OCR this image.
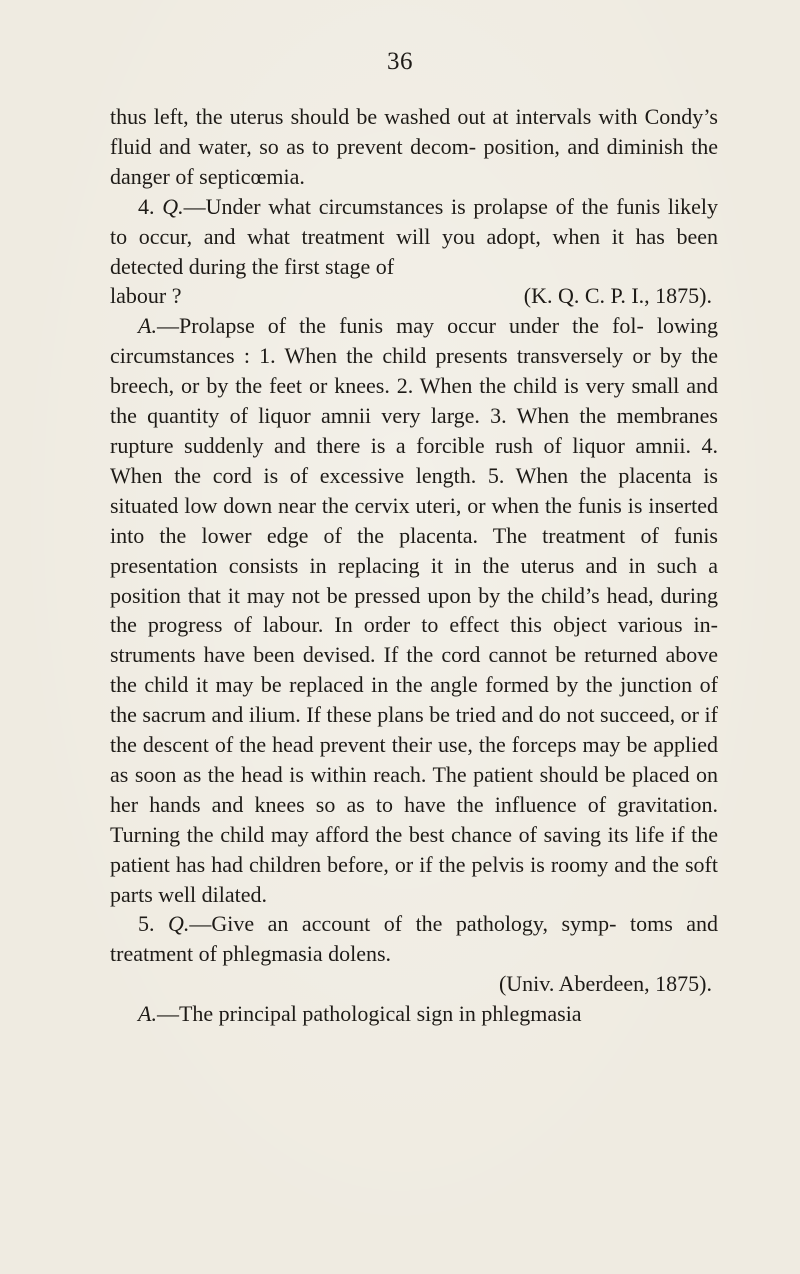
36

thus left, the uterus should be washed out at intervals with Condy’s fluid and water, so as to prevent decom- position, and diminish the danger of septicœmia.

4. Q.—Under what circumstances is prolapse of the funis likely to occur, and what treatment will you adopt, when it has been detected during the first stage of

labour ?	(K. Q. C. P. I., 1875).

A.—Prolapse of the funis may occur under the fol- lowing circumstances : 1. When the child presents transversely or by the breech, or by the feet or knees. 2. When the child is very small and the quantity of liquor amnii very large. 3. When the membranes rupture suddenly and there is a forcible rush of liquor amnii. 4. When the cord is of excessive length. 5. When the placenta is situated low down near the cervix uteri, or when the funis is inserted into the lower edge of the placenta. The treatment of funis presentation consists in replacing it in the uterus and in such a position that it may not be pressed upon by the child’s head, during the progress of labour. In order to effect this object various in- struments have been devised. If the cord cannot be returned above the child it may be replaced in the angle formed by the junction of the sacrum and ilium. If these plans be tried and do not succeed, or if the descent of the head prevent their use, the forceps may be applied as soon as the head is within reach. The patient should be placed on her hands and knees so as to have the influence of gravitation. Turning the child may afford the best chance of saving its life if the patient has had children before, or if the pelvis is roomy and the soft parts well dilated.

5. Q.—Give an account of the pathology, symp- toms and treatment of phlegmasia dolens.

(Univ. Aberdeen, 1875).

A.—The principal pathological sign in phlegmasia
